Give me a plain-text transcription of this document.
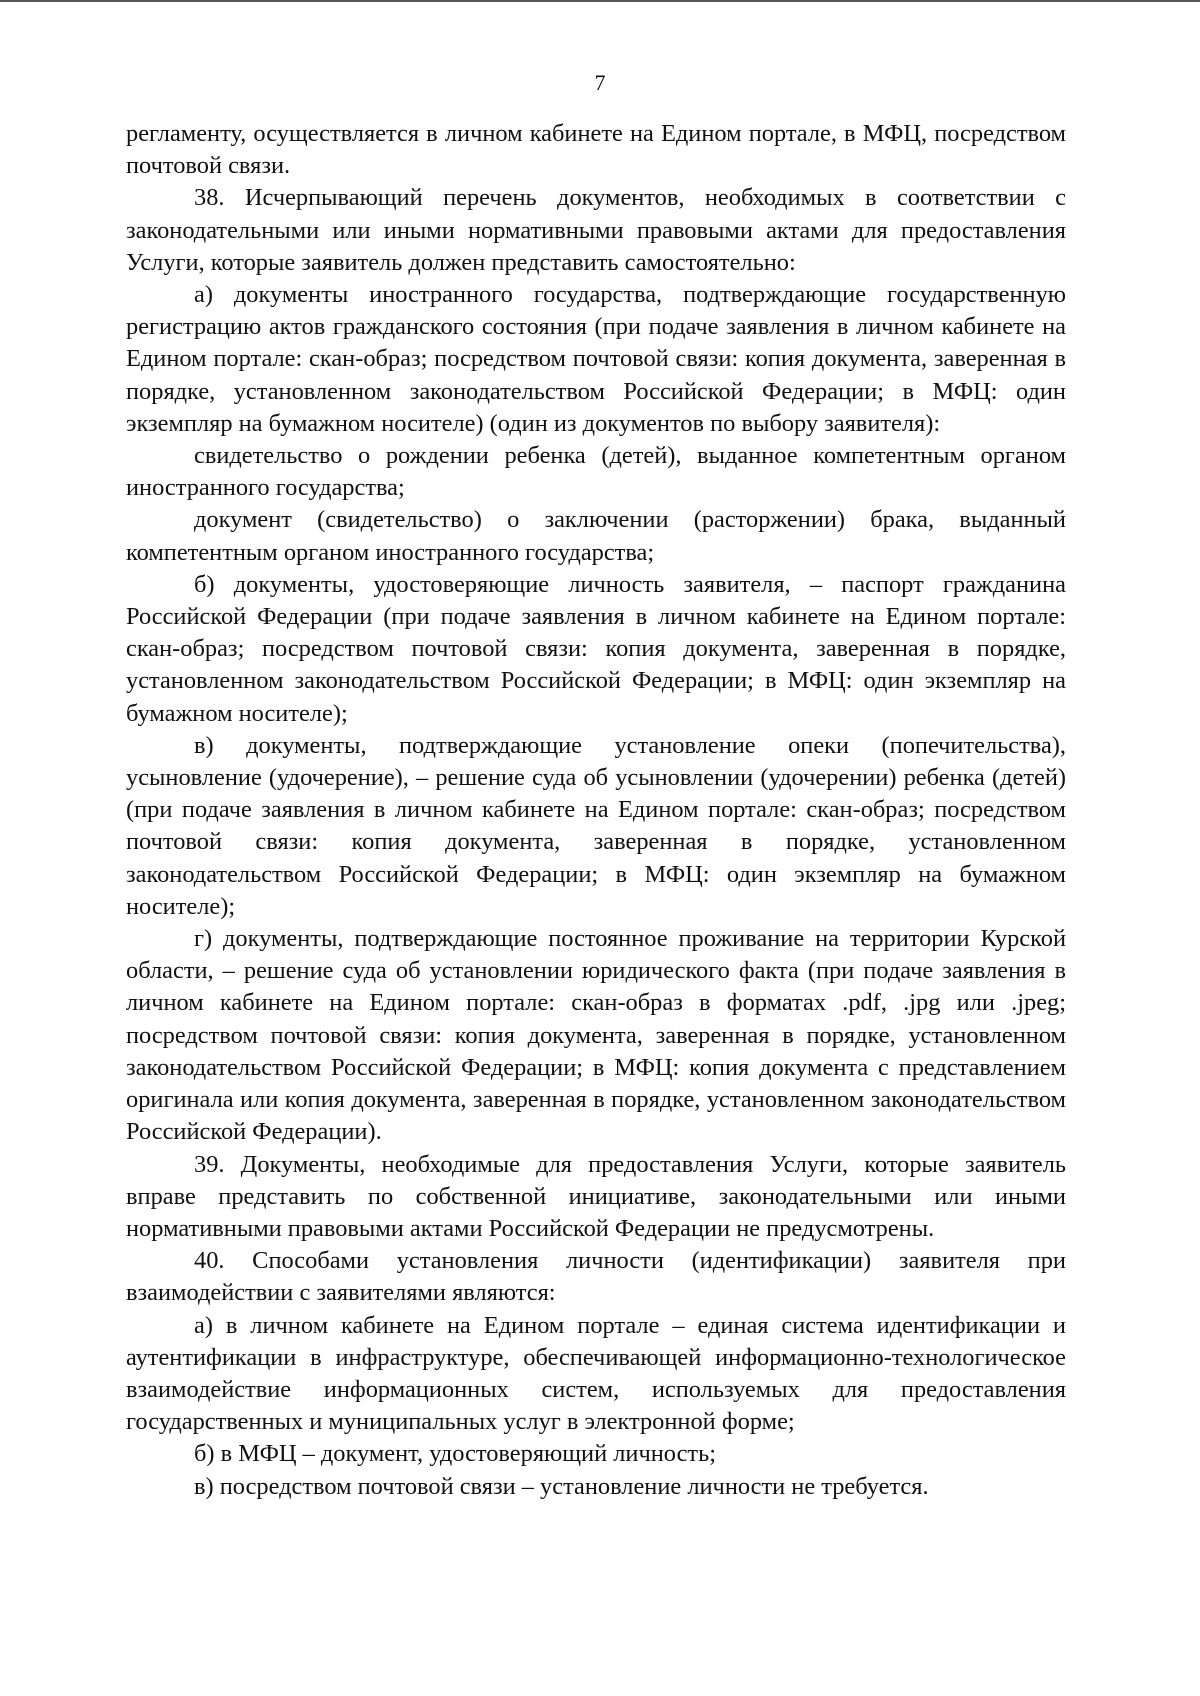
7

регламенту, осуществляется в личном кабинете на Едином портале, в МФЦ, посредством почтовой связи.

38. Исчерпывающий перечень документов, необходимых в соответствии с законодательными или иными нормативными правовыми актами для предоставления Услуги, которые заявитель должен представить самостоятельно:

а) документы иностранного государства, подтверждающие государственную регистрацию актов гражданского состояния (при подаче заявления в личном кабинете на Едином портале: скан-образ; посредством почтовой связи: копия документа, заверенная в порядке, установленном законодательством Российской Федерации; в МФЦ: один экземпляр на бумажном носителе) (один из документов по выбору заявителя):

свидетельство о рождении ребенка (детей), выданное компетентным органом иностранного государства;

документ (свидетельство) о заключении (расторжении) брака, выданный компетентным органом иностранного государства;

б) документы, удостоверяющие личность заявителя, – паспорт гражданина Российской Федерации (при подаче заявления в личном кабинете на Едином портале: скан-образ; посредством почтовой связи: копия документа, заверенная в порядке, установленном законодательством Российской Федерации; в МФЦ: один экземпляр на бумажном носителе);

в) документы, подтверждающие установление опеки (попечительства), усыновление (удочерение), – решение суда об усыновлении (удочерении) ребенка (детей) (при подаче заявления в личном кабинете на Едином портале: скан-образ; посредством почтовой связи: копия документа, заверенная в порядке, установленном законодательством Российской Федерации; в МФЦ: один экземпляр на бумажном носителе);

г) документы, подтверждающие постоянное проживание на территории Курской области, – решение суда об установлении юридического факта (при подаче заявления в личном кабинете на Едином портале: скан-образ в форматах .pdf, .jpg или .jpeg; посредством почтовой связи: копия документа, заверенная в порядке, установленном законодательством Российской Федерации; в МФЦ: копия документа с представлением оригинала или копия документа, заверенная в порядке, установленном законодательством Российской Федерации).

39. Документы, необходимые для предоставления Услуги, которые заявитель вправе представить по собственной инициативе, законодательными или иными нормативными правовыми актами Российской Федерации не предусмотрены.

40. Способами установления личности (идентификации) заявителя при взаимодействии с заявителями являются:

а) в личном кабинете на Едином портале – единая система идентификации и аутентификации в инфраструктуре, обеспечивающей информационно-технологическое взаимодействие информационных систем, используемых для предоставления государственных и муниципальных услуг в электронной форме;

б) в МФЦ – документ, удостоверяющий личность;

в) посредством почтовой связи – установление личности не требуется.
